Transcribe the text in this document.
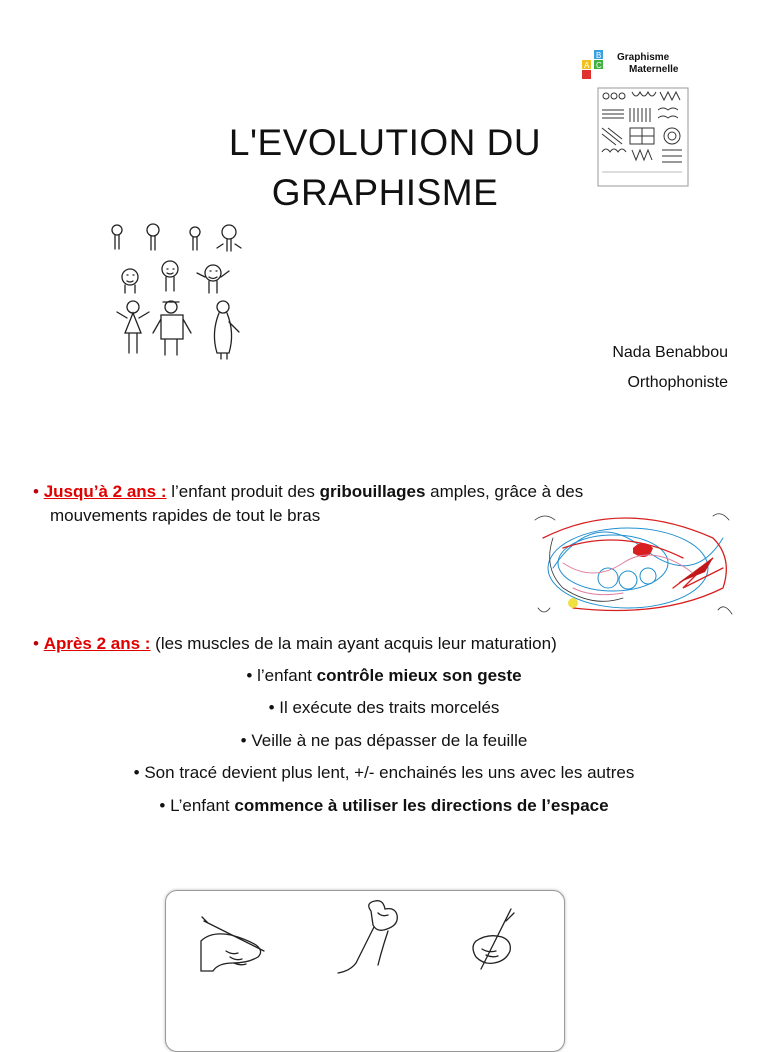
L'EVOLUTION DU
GRAPHISME
B
A C
Graphisme
Maternelle
Nada Benabbou
Orthophoniste
• Jusqu’à 2 ans : l’enfant produit des gribouillages amples, grâce à des
mouvements rapides de tout le bras
• Après 2 ans : (les muscles de la main ayant acquis leur maturation)
• l’enfant contrôle mieux son geste
• Il exécute des traits morcelés
• Veille à ne pas dépasser de la feuille
• Son tracé devient plus lent, +/- enchainés les uns avec les autres
• L’enfant commence à utiliser les directions de l’espace
